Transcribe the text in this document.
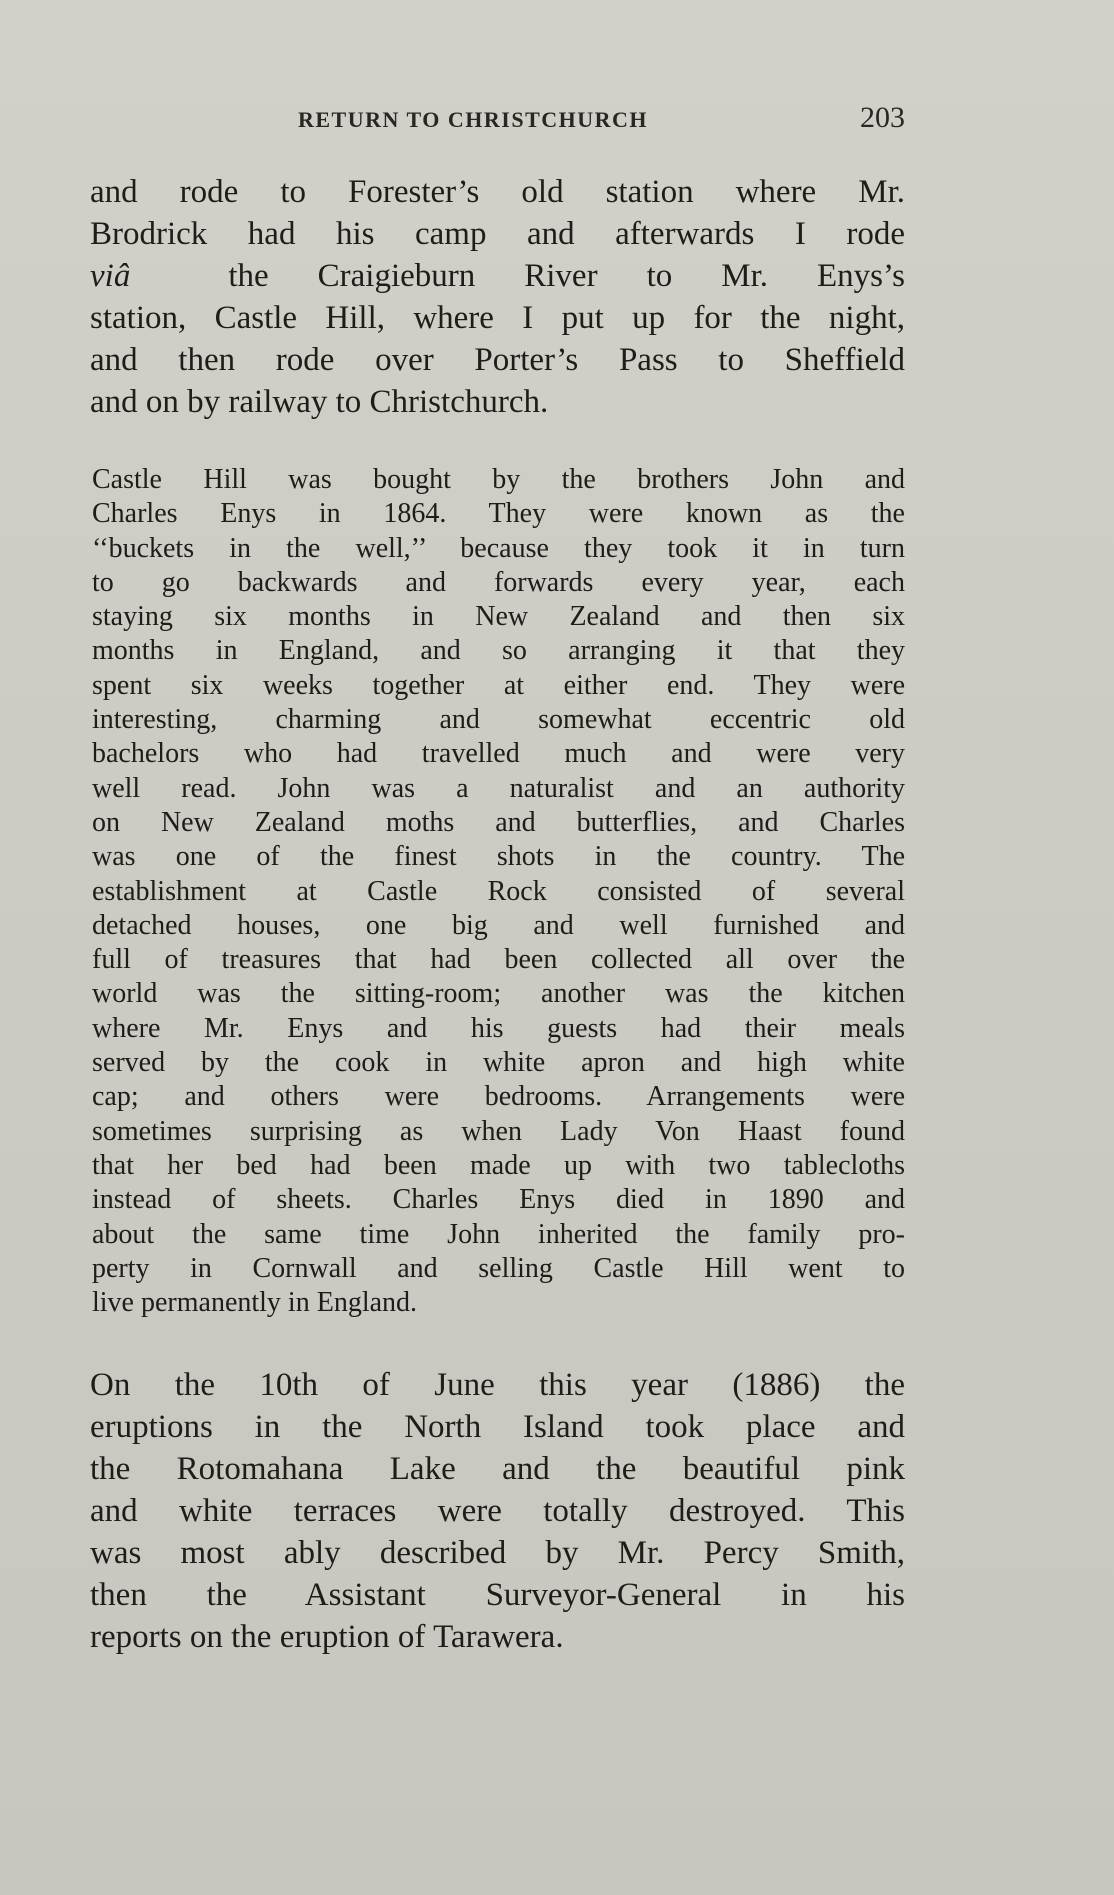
RETURN TO CHRISTCHURCH	203
and rode to Forester’s old station where Mr.
Brodrick had his camp and afterwards I rode
viâ	the Craigieburn River to Mr. Enys’s
station, Castle Hill, where I put up for the night,
and then rode over Porter’s Pass to Sheffield
and on by railway to Christchurch.
Castle Hill was bought by the brothers John and
Charles Enys in 1864. They were known as the
‘‘buckets in the well,’’ because they took it in turn
to go backwards and forwards every year, each
staying six months in New Zealand and then six
months in England, and so arranging it that they
spent six weeks together at either end. They were
interesting, charming and somewhat eccentric old
bachelors who had travelled much and were very
well read. John was a naturalist and an authority
on New Zealand moths and butterflies, and Charles
was one of the finest shots in the country. The
establishment at Castle Rock consisted of several
detached houses, one big and well furnished and
full of treasures that had been collected all over the
world was the sitting-room; another was the kitchen
where Mr. Enys and his guests had their meals
served by the cook in white apron and high white
cap; and others were bedrooms. Arrangements were
sometimes surprising as when Lady Von Haast found
that her bed had been made up with two tablecloths
instead of sheets. Charles Enys died in 1890 and
about the same time John inherited the family pro-
perty in Cornwall and selling Castle Hill went to
live permanently in England.
On the 10th of June this year (1886) the
eruptions in the North Island took place and
the Rotomahana Lake and the beautiful pink
and white terraces were totally destroyed. This
was most ably described by Mr. Percy Smith,
then the Assistant Surveyor-General in his
reports on the eruption of Tarawera.
